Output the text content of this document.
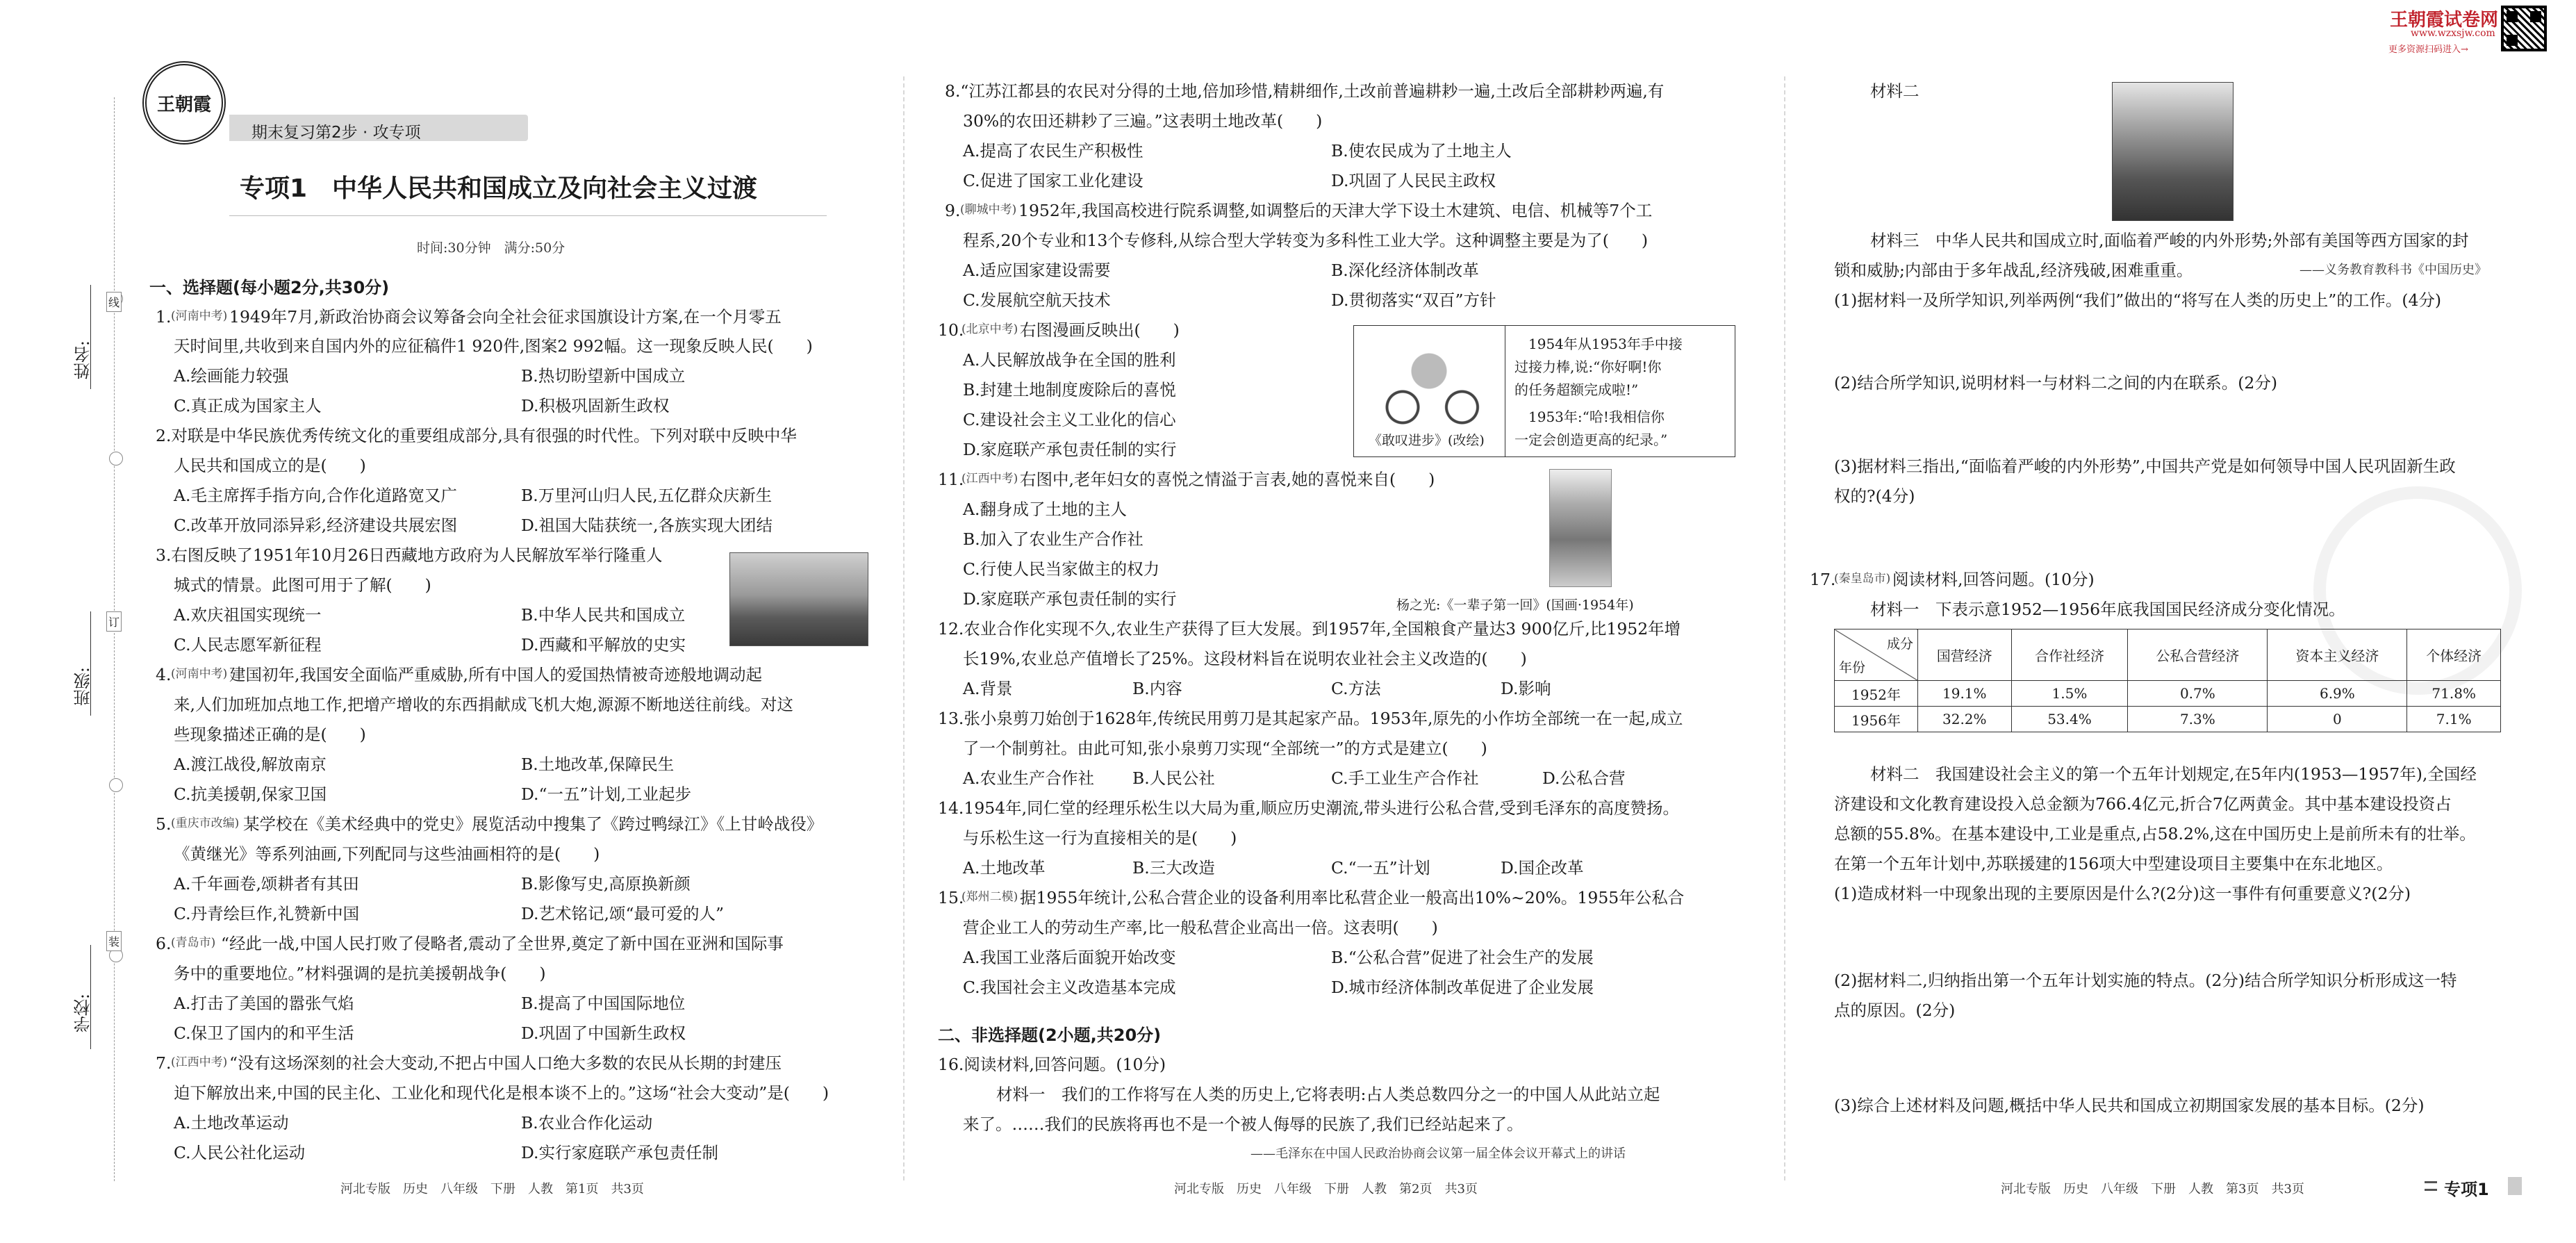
线
订
装
姓名:
班级:
学校:
王朝霞
期末复习第2步 · 攻专项
专项1　中华人民共和国成立及向社会主义过渡
时间:30分钟　满分:50分
王朝霞试卷网
www.wzxsjw.com
更多资源扫码进入→
《敢叹进步》(改绘)
1954年从1953年手中接
过接力棒,说:“你好啊!你
的任务超额完成啦!”
1953年:“哈!我相信你
一定会创造更高的纪录。”
杨之光:《一辈子第一回》(国画·1954年)
一、选择题(每小题2分,共30分)
1. (河南中考) 1949年7月,新政治协商会议筹备会向全社会征求国旗设计方案,在一个月零五
天时间里,共收到来自国内外的应征稿件1 920件,图案2 992幅。这一现象反映人民(　　)
A.绘画能力较强	B.热切盼望新中国成立
C.真正成为国家主人	D.积极巩固新生政权
2.对联是中华民族优秀传统文化的重要组成部分,具有很强的时代性。下列对联中反映中华
人民共和国成立的是(　　)
A.毛主席挥手指方向,合作化道路宽又广	B.万里河山归人民,五亿群众庆新生
C.改革开放同添异彩,经济建设共展宏图	D.祖国大陆获统一,各族实现大团结
3.右图反映了1951年10月26日西藏地方政府为人民解放军举行隆重人
城式的情景。此图可用于了解(　　)
A.欢庆祖国实现统一	B.中华人民共和国成立
C.人民志愿军新征程	D.西藏和平解放的史实
4. (河南中考) 建国初年,我国安全面临严重威胁,所有中国人的爱国热情被奇迹般地调动起
来,人们加班加点地工作,把增产增收的东西捐献成飞机大炮,源源不断地送往前线。对这
些现象描述正确的是(　　)
A.渡江战役,解放南京	B.土地改革,保障民生
C.抗美援朝,保家卫国	D.“一五”计划,工业起步
5. (重庆市改编) 某学校在《美术经典中的党史》展览活动中搜集了《跨过鸭绿江》《上甘岭战役》
《黄继光》等系列油画,下列配同与这些油画相符的是(　　)
A.千年画卷,颂耕者有其田	B.影像写史,高原换新颜
C.丹青绘巨作,礼赞新中国	D.艺术铭记,颂“最可爱的人”
6. (青岛市) “经此一战,中国人民打败了侵略者,震动了全世界,奠定了新中国在亚洲和国际事
务中的重要地位。”材料强调的是抗美援朝战争(　　)
A.打击了美国的嚣张气焰	B.提高了中国国际地位
C.保卫了国内的和平生活	D.巩固了中国新生政权
7. (江西中考) “没有这场深刻的社会大变动,不把占中国人口绝大多数的农民从长期的封建压
迫下解放出来,中国的民主化、工业化和现代化是根本谈不上的。”这场“社会大变动”是(　　)
A.土地改革运动	B.农业合作化运动
C.人民公社化运动	D.实行家庭联产承包责任制
8.“江苏江都县的农民对分得的土地,倍加珍惜,精耕细作,土改前普遍耕耖一遍,土改后全部耕耖两遍,有
30%的农田还耕耖了三遍。”这表明土地改革(　　)
A.提高了农民生产积极性	B.使农民成为了土地主人
C.促进了国家工业化建设	D.巩固了人民民主政权
9. (聊城中考) 1952年,我国高校进行院系调整,如调整后的天津大学下设土木建筑、电信、机械等7个工
程系,20个专业和13个专修科,从综合型大学转变为多科性工业大学。这种调整主要是为了(　　)
A.适应国家建设需要	B.深化经济体制改革
C.发展航空航天技术	D.贯彻落实“双百”方针
10.
(北京中考) 右图漫画反映出(　　)
A.人民解放战争在全国的胜利
B.封建土地制度废除后的喜悦
C.建设社会主义工业化的信心
D.家庭联产承包责任制的实行
11.
(江西中考) 右图中,老年妇女的喜悦之情溢于言表,她的喜悦来自(　　)
A.翻身成了土地的主人
B.加入了农业生产合作社
C.行使人民当家做主的权力
D.家庭联产承包责任制的实行
12.农业合作化实现不久,农业生产获得了巨大发展。到1957年,全国粮食产量达3 900亿斤,比1952年增
长19%,农业总产值增长了25%。这段材料旨在说明农业社会主义改造的(　　)
A.背景	B.内容	C.方法	D.影响
13.张小泉剪刀始创于1628年,传统民用剪刀是其起家产品。1953年,原先的小作坊全部统一在一起,成立
了一个制剪社。由此可知,张小泉剪刀实现“全部统一”的方式是建立(　　)
A.农业生产合作社 B.人民公社	C.手工业生产合作社	D.公私合营
14.1954年,同仁堂的经理乐松生以大局为重,顺应历史潮流,带头进行公私合营,受到毛泽东的高度赞扬。
与乐松生这一行为直接相关的是(　　)
A.土地改革	B.三大改造	C.“一五”计划	D.国企改革
15.
(郑州二模) 据1955年统计,公私合营企业的设备利用率比私营企业一般高出10%~20%。1955年公私合
营企业工人的劳动生产率,比一般私营企业高出一倍。这表明(　　)
A.我国工业落后面貌开始改变	B.“公私合营”促进了社会生产的发展
C.我国社会主义改造基本完成	D.城市经济体制改革促进了企业发展
二、非选择题(2小题,共20分)
16.阅读材料,回答问题。(10分)
材料一　我们的工作将写在人类的历史上,它将表明:占人类总数四分之一的中国人从此站立起
来了。……我们的民族将再也不是一个被人侮辱的民族了,我们已经站起来了。
——毛泽东在中国人民政治协商会议第一届全体会议开幕式上的讲话
材料二
材料三　中华人民共和国成立时,面临着严峻的内外形势;外部有美国等西方国家的封
锁和威胁;内部由于多年战乱,经济残破,困难重重。	——义务教育教科书《中国历史》
(1)据材料一及所学知识,列举两例“我们”做出的“将写在人类的历史上”的工作。(4分)
(2)结合所学知识,说明材料一与材料二之间的内在联系。(2分)
(3)据材料三指出,“面临着严峻的内外形势”,中国共产党是如何领导中国人民巩固新生政
权的?(4分)
17.
(秦皇岛市) 阅读材料,回答问题。(10分)
材料一　下表示意1952—1956年底我国国民经济成分变化情况。
材料二　我国建设社会主义的第一个五年计划规定,在5年内(1953—1957年),全国经
济建设和文化教育建设投入总金额为766.4亿元,折合7亿两黄金。其中基本建设投资占
总额的55.8%。在基本建设中,工业是重点,占58.2%,这在中国历史上是前所未有的壮举。
在第一个五年计划中,苏联援建的156项大中型建设项目主要集中在东北地区。
(1)造成材料一中现象出现的主要原因是什么?(2分)这一事件有何重要意义?(2分)
(2)据材料二,归纳指出第一个五年计划实施的特点。(2分)结合所学知识分析形成这一特
点的原因。(2分)
(3)综合上述材料及问题,概括中华人民共和国成立初期国家发展的基本目标。(2分)
成分
年份	国营经济	合作社经济	公私合营经济	资本主义经济	个体经济
1952年	19.1%	1.5%	0.7%	6.9%	71.8%
1956年	32.2%	53.4%	7.3%	0	7.1%
河北专版　历史　八年级　下册　人教　第1页　共3页	河北专版　历史　八年级　下册　人教　第2页　共3页	河北专版　历史　八年级　下册　人教　第3页　共3页	专项1
